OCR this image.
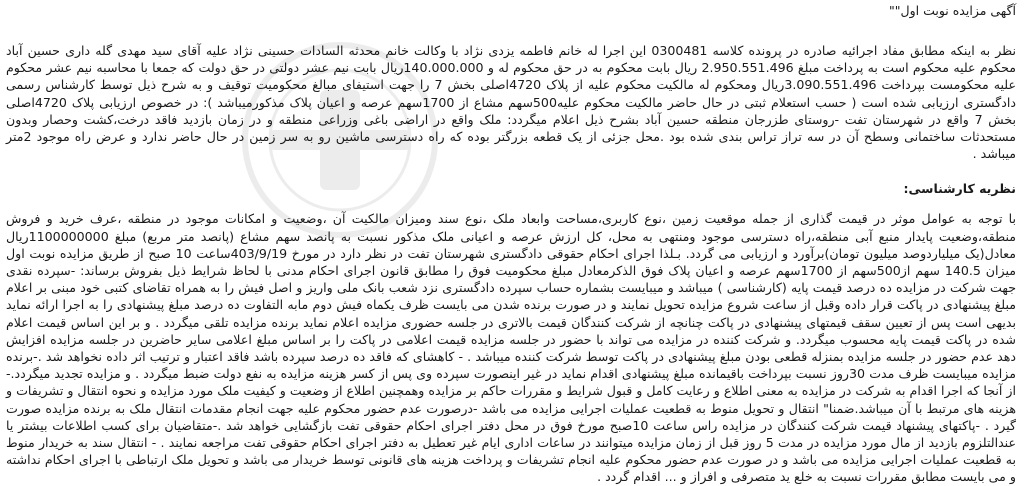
آگهی مزایده نوبت اول""

نظر به اینکه مطابق مفاد اجرائیه صادره در پرونده کلاسه 0300481 این اجرا له خانم فاطمه یزدی نژاد با وکالت خانم محدثه السادات حسینی نژاد علیه آقای سید مهدی گله داری حسین آباد محکوم علیه محکوم است به پرداخت مبلغ 2.950.551.496 ریال بابت محکوم به در حق محکوم له و 140.000.000ریال بابت نیم عشر دولتی در حق دولت که جمعا با محاسبه نیم عشر محکوم علیه محکومست بپرداخت 3.090.551.496ریال ومحکوم له مالکیت محکوم علیه از پلاک 4720اصلی بخش 7 را جهت استیفای مبالغ محکومیت توقیف و به شرح ذیل توسط کارشناس رسمی دادگستری ارزیابی شده است ( حسب استعلام ثبتی در حال حاضر مالکیت محکوم علیه500سهم مشاع از 1700سهم عرصه و اعیان پلاک مذکورمیباشد ): در خصوص ارزیابی پلاک 4720اصلی بخش 7 واقع در شهرستان تفت -روستای طزرجان منطقه حسین آباد بشرح ذیل اعلام میگردد: ملک واقع در اراضی باغی وزراعی منطقه و در زمان بازدید فاقد درخت،کشت وحصار وبدون مستحدثات ساختمانی وسطح آن در سه تراز تراس بندی شده بود .محل جزئی از یک قطعه بزرگتر بوده که راه دسترسی ماشین رو به سر زمین در حال حاضر ندارد و عرض راه موجود 2متر میباشد .

نظریه کارشناسی:

با توجه به عوامل موثر در قیمت گذاری از جمله موقعیت زمین ،نوع کاربری،مساحت وابعاد ملک ،نوع سند ومیزان مالکیت آن ،وضعیت و امکانات موجود در منطقه ،عرف خرید و فروش منطقه،وضعیت پایدار منبع آبی منطقه،راه دسترسی موجود ومنتهی به محل، کل ارزش عرصه و اعیانی ملک مذکور نسبت به پانصد سهم مشاع (پانصد متر مربع) مبلغ 1100000000ریال معادل(یک میلیاردوصد میلیون تومان)برآورد و ارزیابی می گردد. بـلذا اجرای احکام حقوقی دادگستری شهرستان تفت در نظر دارد در مورخ 403/9/19ساعت 10 صبح از طریق مزایده نوبت اول میزان 140.5 سهم از500سهم از 1700سهم عرصه و اعیان پلاک فوق الذکرمعادل مبلغ محکومیت فوق را مطابق قانون اجرای احکام مدنی با لحاظ شرایط ذیل بفروش برساند: -سپرده نقدی جهت شرکت در مزایده ده درصد قیمت پایه (کارشناسی ) میباشد و میبایست بشماره حساب سپرده دادگستری نزد شعب بانک ملی واریز و اصل فیش را به همراه تقاضای کتبی خود مبنی بر اعلام مبلغ پیشنهادی در پاکت قرار داده وقبل از ساعت شروع مزایده تحویل نمایند و در صورت برنده شدن می بایست ظرف یکماه فیش دوم مابه التفاوت ده درصد مبلغ پیشنهادی را به اجرا ارائه نماید بدیهی است پس از تعیین سقف قیمتهای پیشنهادی در پاکت چنانچه از شرکت کنندگان قیمت بالاتری در جلسه حضوری مزایده اعلام نماید برنده مزایده تلقی میگردد . و بر این اساس قیمت اعلام شده در پاکت قیمت پایه محسوب میگردد. و شرکت کننده در مزایده می تواند با حضور در جلسه مزایده قیمت اعلامی در پاکت را بر اساس مبلغ اعلامی سایر حاضرین در جلسه مزایده افزایش دهد عدم حضور در جلسه مزایده بمنزله قطعی بودن مبلغ پیشنهادی در پاکت توسط شرکت کننده میباشد . - کاهشای که فاقد ده درصد سپرده باشد فاقد اعتبار و ترتیب اثر داده نخواهد شد .-برنده مزایده میبایست ظرف مدت 30روز نسبت بپرداخت باقیمانده مبلغ پیشنهادی اقدام نماید در غیر اینصورت سپرده وی پس از کسر هزینه مزایده به نفع دولت ضبط میگردد . و مزایده تجدید میگردد.-از آنجا که اجرا اقدام به شرکت در مزایده به معنی اطلاع و رعایت کامل و قبول شرایط و مقررات حاکم بر مزایده وهمچنین اطلاع از وضعیت و کیفیت ملک مورد مزایده و نحوه انتقال و تشریفات و هزینه های مرتبط با آن میباشد.ضمنا" انتقال و تحویل منوط به قطعیت عملیات اجرایی مزایده می باشد -درصورت عدم حضور محکوم علیه جهت انجام مقدمات انتقال ملک به برنده مزایده صورت گیرد . -پاکتهای پیشنهاد قیمت شرکت کنندگان در مزایده راس ساعت 10صبح مورخ فوق در محل دفتر اجرای احکام حقوقی تفت بازگشایی خواهد شد .-متقاضیان برای کسب اطلاعات بیشتر یا عندالتلزوم بازدید از مال مورد مزایده در مدت 5 روز قبل از زمان مزایده میتوانند در ساعات اداری ایام غیر تعطیل به دفتر اجرای احکام حقوقی تفت مراجعه نمایند . - انتقال سند به خریدار منوط به قطعیت عملیات اجرایی مزایده می باشد و در صورت عدم حضور محکوم علیه انجام تشریفات و پرداخت هزینه های قانونی توسط خریدار می باشد و تحویل ملک ارتباطی با اجرای احکام نداشته و می بایست مطابق مقررات نسبت به خلع ید متصرفی و افراز و ... اقدام گردد .
